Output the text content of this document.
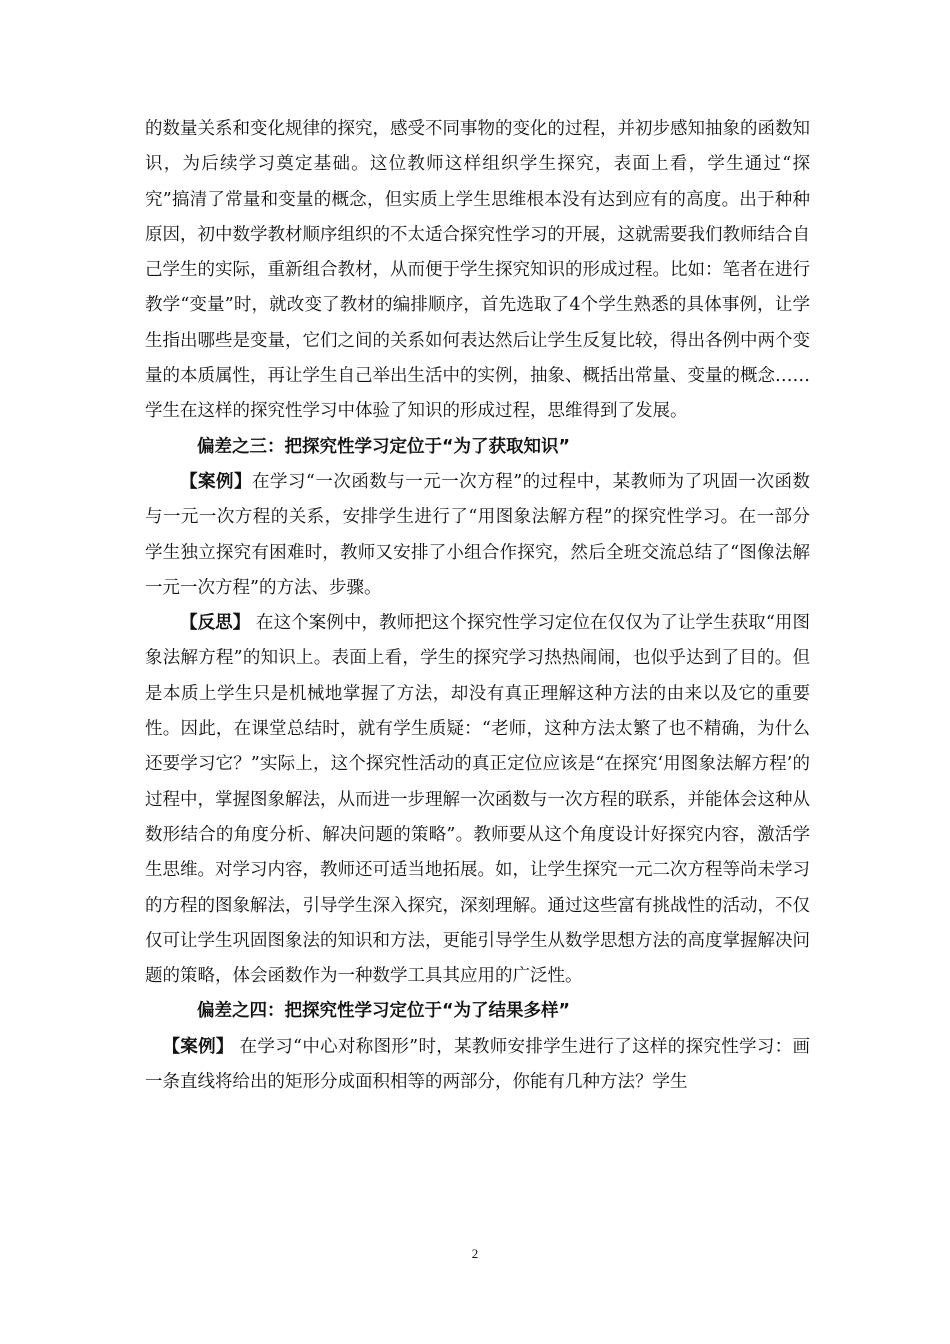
的数量关系和变化规律的探究，感受不同事物的变化的过程，并初步感知抽象的函数知识，为后续学习奠定基础。这位教师这样组织学生探究，表面上看，学生通过“探究”搞清了常量和变量的概念，但实质上学生思维根本没有达到应有的高度。出于种种原因，初中数学教材顺序组织的不太适合探究性学习的开展，这就需要我们教师结合自己学生的实际，重新组合教材，从而便于学生探究知识的形成过程。比如：笔者在进行教学“变量”时，就改变了教材的编排顺序，首先选取了4个学生熟悉的具体事例，让学生指出哪些是变量，它们之间的关系如何表达然后让学生反复比较，得出各例中两个变量的本质属性，再让学生自己举出生活中的实例，抽象、概括出常量、变量的概念……学生在这样的探究性学习中体验了知识的形成过程，思维得到了发展。

偏差之三：把探究性学习定位于“为了获取知识”

【案例】在学习“一次函数与一元一次方程”的过程中，某教师为了巩固一次函数与一元一次方程的关系，安排学生进行了“用图象法解方程”的探究性学习。在一部分学生独立探究有困难时，教师又安排了小组合作探究，然后全班交流总结了“图像法解一元一次方程”的方法、步骤。

【反思】 在这个案例中，教师把这个探究性学习定位在仅仅为了让学生获取“用图象法解方程”的知识上。表面上看，学生的探究学习热热闹闹，也似乎达到了目的。但是本质上学生只是机械地掌握了方法，却没有真正理解这种方法的由来以及它的重要性。因此，在课堂总结时，就有学生质疑：“老师，这种方法太繁了也不精确，为什么还要学习它？”实际上，这个探究性活动的真正定位应该是“在探究‘用图象法解方程’的过程中，掌握图象解法，从而进一步理解一次函数与一次方程的联系，并能体会这种从数形结合的角度分析、解决问题的策略”。教师要从这个角度设计好探究内容，激活学生思维。对学习内容，教师还可适当地拓展。如，让学生探究一元二次方程等尚未学习的方程的图象解法，引导学生深入探究，深刻理解。通过这些富有挑战性的活动，不仅仅可让学生巩固图象法的知识和方法，更能引导学生从数学思想方法的高度掌握解决问题的策略，体会函数作为一种数学工具其应用的广泛性。

偏差之四：把探究性学习定位于“为了结果多样”

【案例】 在学习“中心对称图形”时，某教师安排学生进行了这样的探究性学习：画一条直线将给出的矩形分成面积相等的两部分，你能有几种方法？学生

2
